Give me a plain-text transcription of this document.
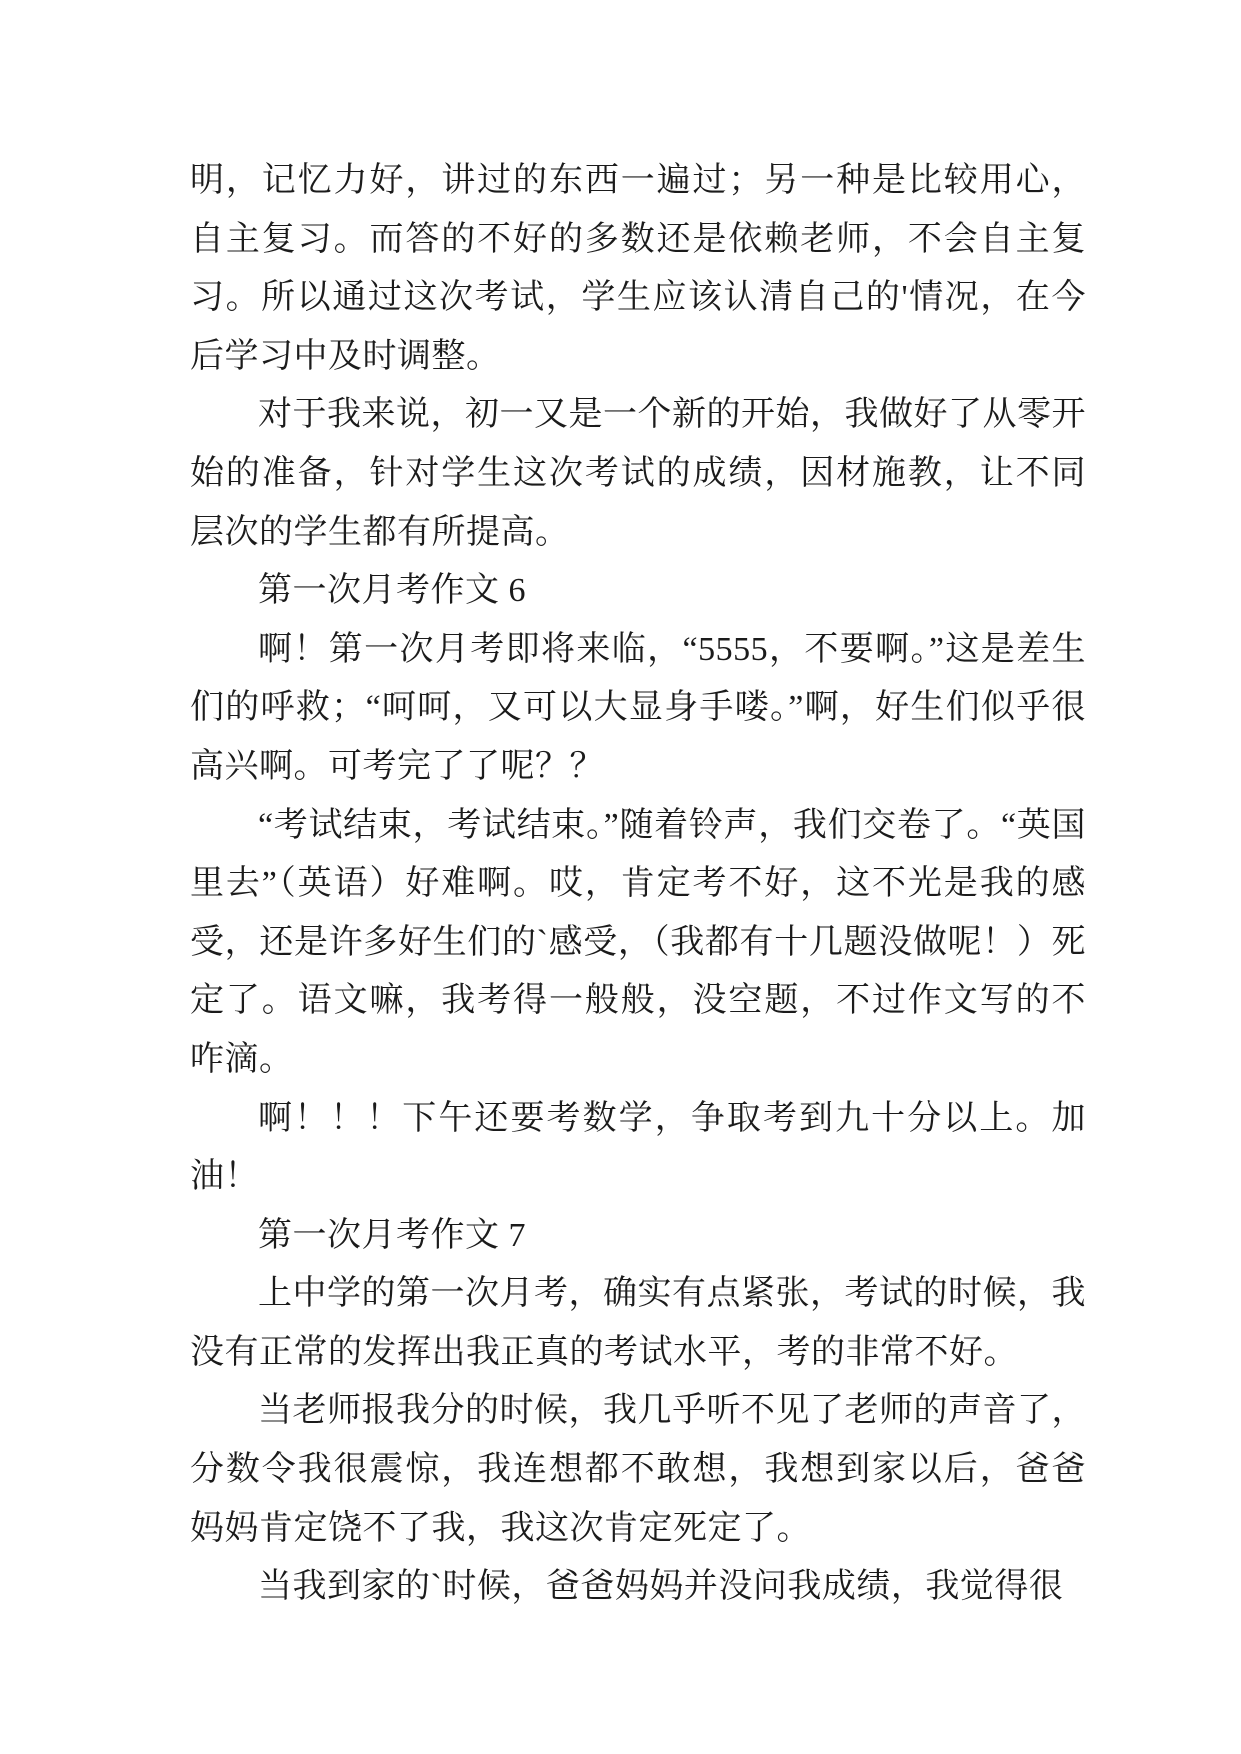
明，记忆力好，讲过的东西一遍过；另一种是比较用心，自主复习。而答的不好的多数还是依赖老师，不会自主复习。所以通过这次考试，学生应该认清自己的'情况，在今后学习中及时调整。

对于我来说，初一又是一个新的开始，我做好了从零开始的准备，针对学生这次考试的成绩，因材施教，让不同层次的学生都有所提高。

第一次月考作文 6

啊！第一次月考即将来临，“5555，不要啊。”这是差生们的呼救；“呵呵，又可以大显身手喽。”啊，好生们似乎很高兴啊。可考完了了呢？？

“考试结束，考试结束。”随着铃声，我们交卷了。“英国里去”（英语）好难啊。哎，肯定考不好，这不光是我的感受，还是许多好生们的`感受，（我都有十几题没做呢！）死定了。语文嘛，我考得一般般，没空题，不过作文写的不咋滴。

啊！！！下午还要考数学，争取考到九十分以上。加油！

第一次月考作文 7

上中学的第一次月考，确实有点紧张，考试的时候，我没有正常的发挥出我正真的考试水平，考的非常不好。

当老师报我分的时候，我几乎听不见了老师的声音了，分数令我很震惊，我连想都不敢想，我想到家以后，爸爸妈妈肯定饶不了我，我这次肯定死定了。

当我到家的`时候，爸爸妈妈并没问我成绩，我觉得很
